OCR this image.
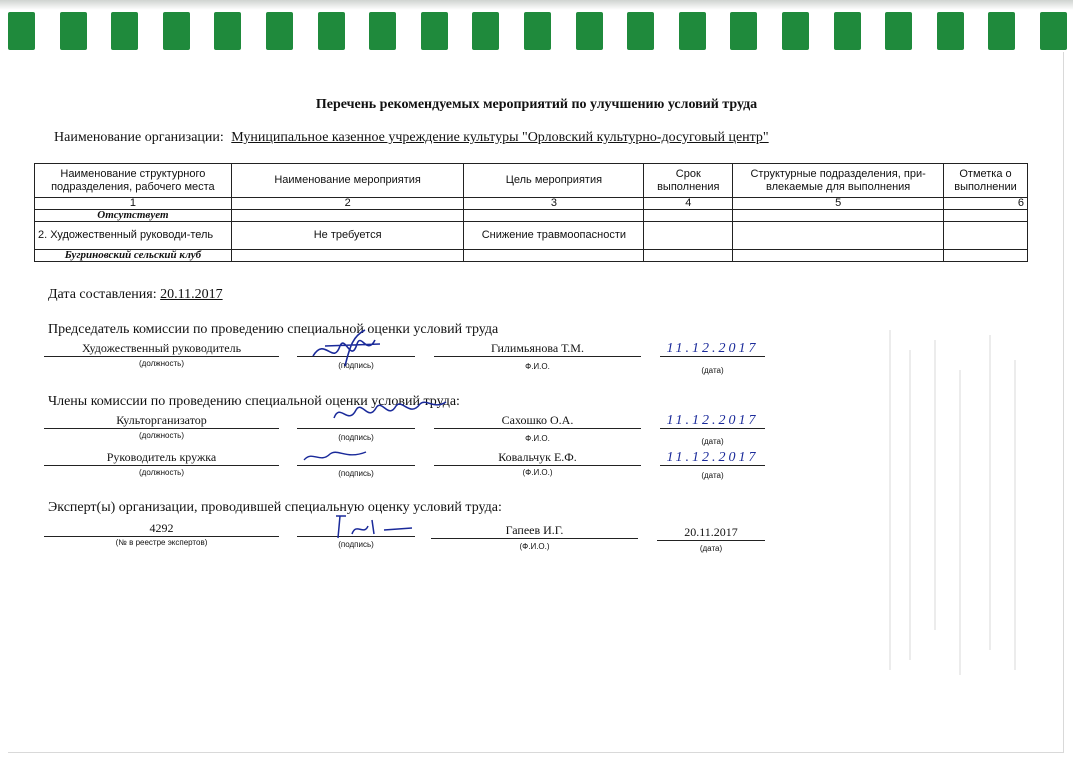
Перечень рекомендуемых мероприятий по улучшению условий труда
Наименование организации: Муниципальное казенное учреждение культуры "Орловский культурно-досуговый центр"
Наименование структурного подразделения, рабочего места	Наименование мероприятия	Цель мероприятия	Срок выполнения	Структурные подразделения, при-влекаемые для выполнения	Отметка о выполнении
1	2	3	4	5	6
Отсутствует					
2. Художественный руководи-тель	Не требуется	Снижение травмоопасности			
Бугриновский сельский клуб					
Дата составления: 20.11.2017
Председатель комиссии по проведению специальной оценки условий труда
Художественный руководитель
(должность)	(подпись)
Гилимьянова Т.М.
Ф.И.О.
11.12.2017
(дата)
Члены комиссии по проведению специальной оценки условий труда:
Культорганизатор
(должность)	(подпись)
Сахошко О.А.
Ф.И.О.
11.12.2017
(дата)
Руководитель кружка
(должность)	(подпись)
Ковальчук Е.Ф.
(Ф.И.О.)
11.12.2017
(дата)
Эксперт(ы) организации, проводившей специальную оценку условий труда:
4292
(№ в реестре экспертов)	(подпись)
Гапеев И.Г.
(Ф.И.О.)
20.11.2017
(дата)
